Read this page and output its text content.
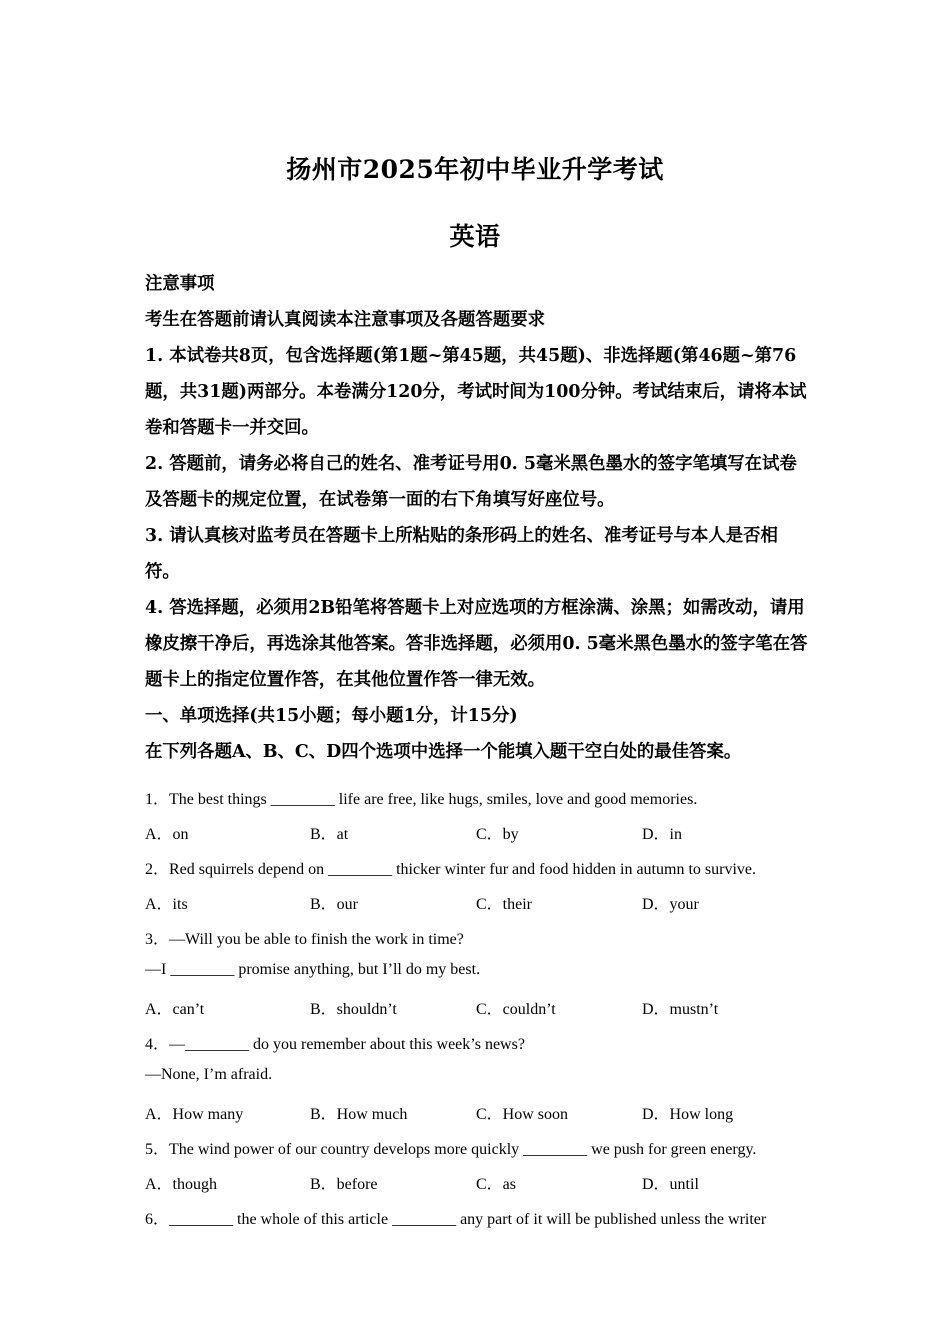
扬州市2025年初中毕业升学考试
英语

注意事项

考生在答题前请认真阅读本注意事项及各题答题要求

1. 本试卷共8页，包含选择题(第1题~第45题，共45题)、非选择题(第46题~第76题，共31题)两部分。本卷满分120分，考试时间为100分钟。考试结束后，请将本试卷和答题卡一并交回。

2. 答题前，请务必将自己的姓名、准考证号用0. 5毫米黑色墨水的签字笔填写在试卷及答题卡的规定位置，在试卷第一面的右下角填写好座位号。

3. 请认真核对监考员在答题卡上所粘贴的条形码上的姓名、准考证号与本人是否相符。

4. 答选择题，必须用2B铅笔将答题卡上对应选项的方框涂满、涂黑；如需改动，请用橡皮擦干净后，再选涂其他答案。答非选择题，必须用0. 5毫米黑色墨水的签字笔在答题卡上的指定位置作答，在其他位置作答一律无效。

一、单项选择(共15小题；每小题1分，计15分)

在下列各题A、B、C、D四个选项中选择一个能填入题干空白处的最佳答案。

1．The best things ________ life are free, like hugs, smiles, love and good memories.
A．on	B．at	C．by	D．in
2．Red squirrels depend on ________ thicker winter fur and food hidden in autumn to survive.
A．its	B．our	C．their	D．your
3．—Will you be able to finish the work in time?
—I ________ promise anything, but I’ll do my best.
A．can’t	B．shouldn’t	C．couldn’t	D．mustn’t
4．—________ do you remember about this week’s news?
—None, I’m afraid.
A．How many	B．How much	C．How soon	D．How long
5．The wind power of our country develops more quickly ________ we push for green energy.
A．though	B．before	C．as	D．until
6．________ the whole of this article ________ any part of it will be published unless the writer
